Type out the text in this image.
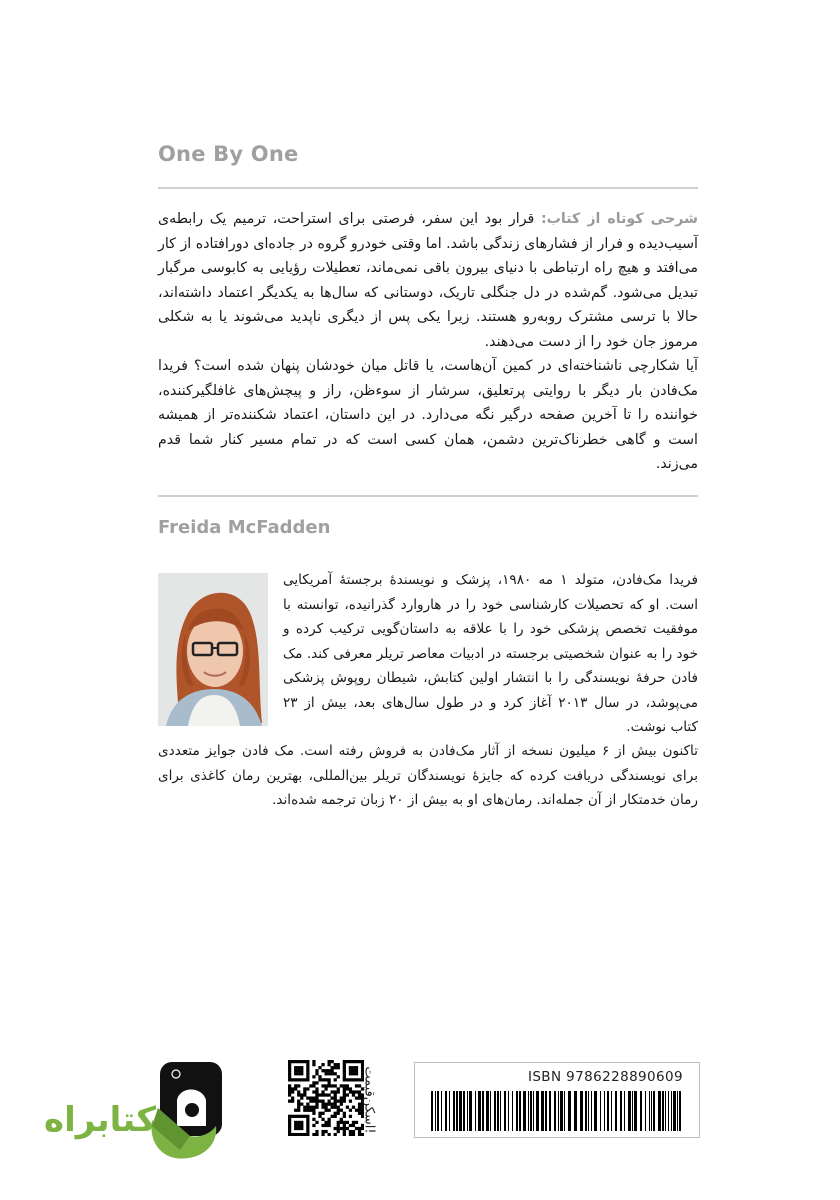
One By One

شرحی کوتاه از کتاب: قرار بود این سفر، فرصتی برای استراحت، ترمیم یک رابطه‌ی آسیب‌دیده و فرار از فشارهای زندگی باشد. اما وقتی خودرو گروه در جاده‌ای دورافتاده از کار می‌افتد و هیچ راه ارتباطی با دنیای بیرون باقی نمی‌ماند، تعطیلات رؤیایی به کابوسی مرگبار تبدیل می‌شود. گم‌شده در دل جنگلی تاریک، دوستانی که سال‌ها به یکدیگر اعتماد داشته‌اند، حالا با ترسی مشترک روبه‌رو هستند. زیرا یکی پس از دیگری ناپدید می‌شوند یا به شکلی مرموز جان خود را از دست می‌دهند.

آیا شکارچی ناشناخته‌ای در کمین آن‌هاست، یا قاتل میان خودشان پنهان شده است؟ فریدا مک‌فادن بار دیگر با روایتی پرتعلیق، سرشار از سوءظن، راز و پیچش‌های غافلگیرکننده، خواننده را تا آخرین صفحه درگیر نگه می‌دارد. در این داستان، اعتماد شکننده‌تر از همیشه است و گاهی خطرناک‌ترین دشمن، همان کسی است که در تمام مسیر کنار شما قدم می‌زند.

Freida McFadden

فریدا مک‌فادن، متولد ۱ مه ۱۹۸۰، پزشک و نویسندهٔ برجستهٔ آمریکایی است. او که تحصیلات کارشناسی خود را در هاروارد گذرانیده، توانسته با موفقیت تخصص پزشکی خود را با علاقه به داستان‌گویی ترکیب کرده و خود را به عنوان شخصیتی برجسته در ادبیات معاصر تریلر معرفی کند. مک فادن حرفهٔ نویسندگی را با انتشار اولین کتابش، شیطان روپوش پزشکی می‌پوشد، در سال ۲۰۱۳ آغاز کرد و در طول سال‌های بعد، بیش از ۲۳ کتاب نوشت.

تاکنون بیش از ۶ میلیون نسخه از آثار مک‌فادن به فروش رفته است. مک فادن جوایز متعددی برای نویسندگی دریافت کرده که جایزهٔ نویسندگان تریلر بین‌المللی، بهترین رمان کاغذی برای رمان خدمتکار از آن جمله‌اند. رمان‌های او به بیش از ۲۰ زبان ترجمه شده‌اند.

کتابراه	اسکن‌قیمت!
ISBN 9786228890609
